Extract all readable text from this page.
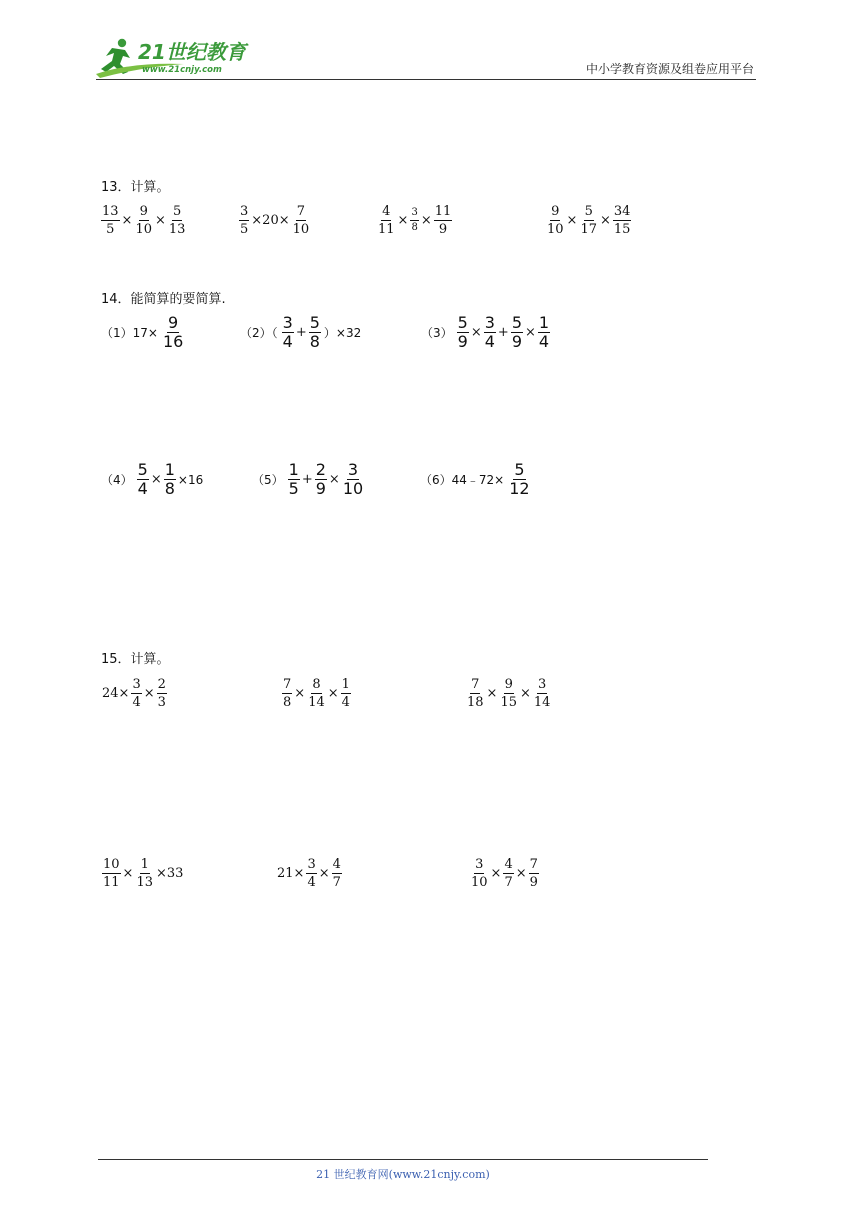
21世纪教育
www.21cnjy.com	中小学教育资源及组卷应用平台
13．计算。
$\frac{13}{5} \times \frac{9}{10} \times \frac{5}{13}$	$\frac{3}{5} \times 20\times \frac{7}{10}$	$\frac{4}{11} \times \frac{3}{8} \times \frac{11}{9}$	$\frac{9}{10} \times \frac{5}{17} \times \frac{34}{15}$
14．能简算的要简算.
$(1)17\times \frac{9}{16}$	$(2)( \frac{3}{4} + \frac{5}{8} )\times 32$	$(3) \frac{5}{9} \times \frac{3}{4} + \frac{5}{9} \times \frac{1}{4}$
$(4) \frac{5}{4} \times \frac{1}{8} \times 16$	$(5) \frac{1}{5} + \frac{2}{9} \times \frac{3}{10}$	（6）44﹣72× $\frac{5}{12}$
15．计算。
$24\times \frac{3}{4} \times \frac{2}{3}$	$\frac{7}{8} \times \frac{8}{14} \times \frac{1}{4}$	$\frac{7}{18} \times \frac{9}{15} \times \frac{3}{14}$
$\frac{10}{11} \times \frac{1}{13} \times 33$	$21\times \frac{3}{4} \times \frac{4}{7}$	$\frac{3}{10} \times \frac{4}{7} \times \frac{7}{9}$
21 世纪教育网(www.21cnjy.com)
